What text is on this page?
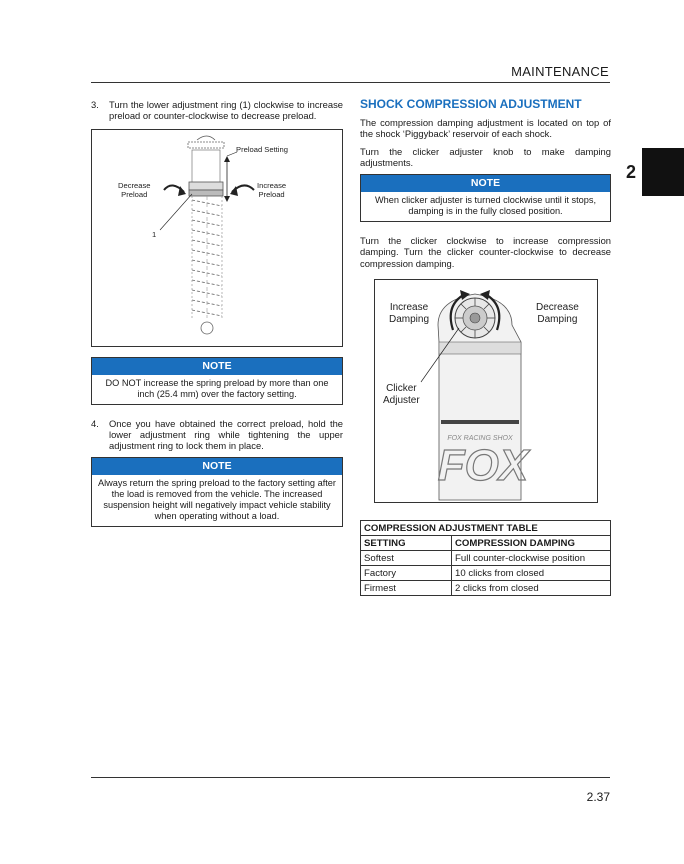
MAINTENANCE
2
3.	Turn the lower adjustment ring (1) clockwise to increase preload or counter-clockwise to decrease preload.
Preload Setting
Decrease
Preload
Increase
Preload
1
NOTE
DO NOT increase the spring preload by more than one inch (25.4 mm) over the factory setting.
4.	Once you have obtained the correct preload, hold the lower adjustment ring while tightening the upper adjustment ring to lock them in place.
NOTE
Always return the spring preload to the factory setting after the load is removed from the vehicle. The increased suspension height will negatively impact vehicle stability when operating without a load.
SHOCK COMPRESSION ADJUSTMENT

The compression damping adjustment is located on top of the shock ‘Piggyback’ reservoir of each shock.

Turn the clicker adjuster knob to make damping adjustments.

NOTE
When clicker adjuster is turned clockwise until it stops, damping is in the fully closed position.

Turn the clicker clockwise to increase compression damping. Turn the clicker counter-clockwise to decrease compression damping.

FOX RACING SHOX
FOX
Increase
Damping
Decrease
Damping
Clicker
Adjuster
COMPRESSION ADJUSTMENT TABLE	
SETTING	COMPRESSION DAMPING
Softest	Full counter-clockwise position
Factory	10 clicks from closed
Firmest	2 clicks from closed
2.37
